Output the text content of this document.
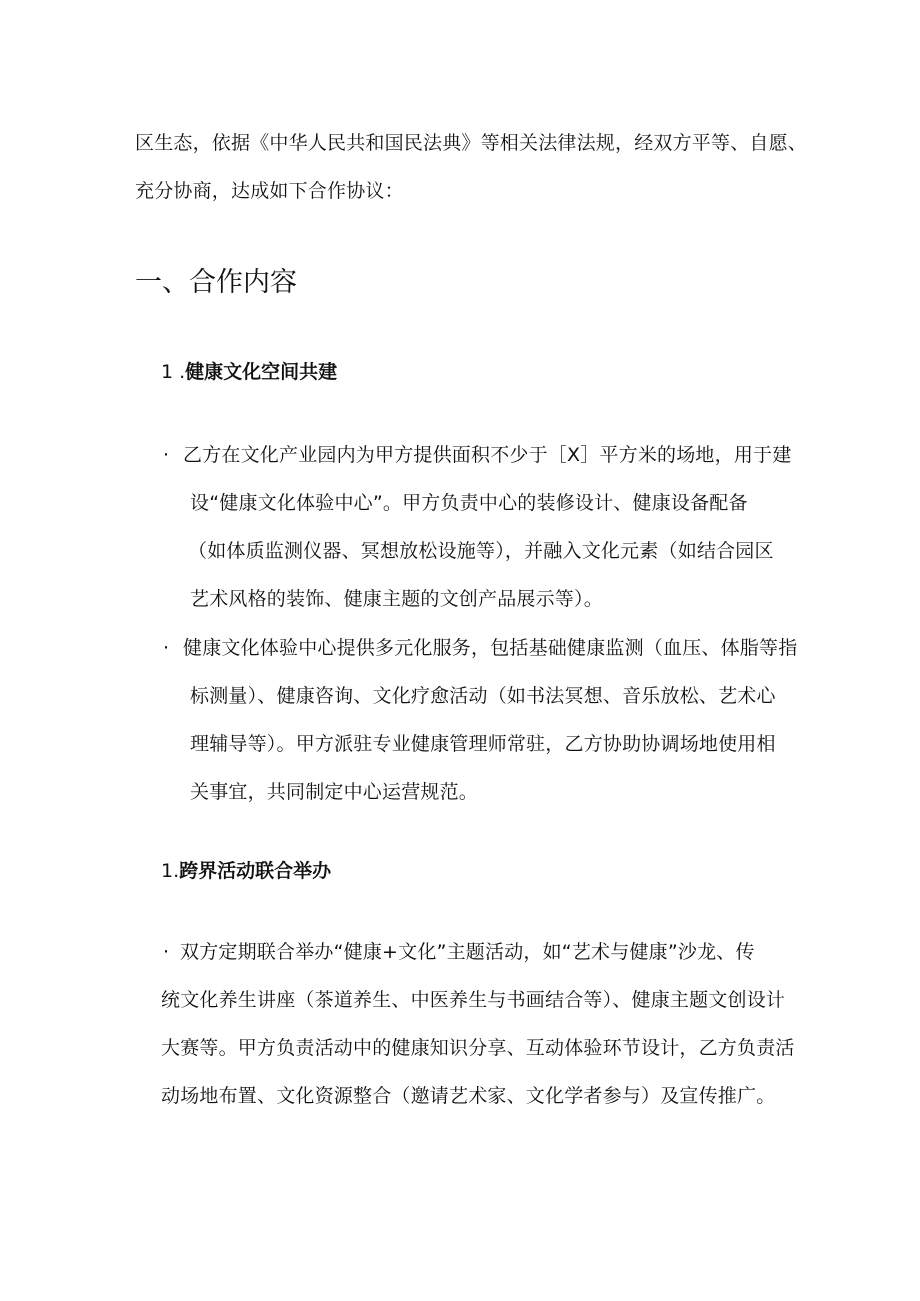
区生态，依据《中华人民共和国民法典》等相关法律法规，经双方平等、自愿、
充分协商，达成如下合作协议：
一、合作内容
1 .健康文化空间共建
· 乙方在文化产业园内为甲方提供面积不少于［X］平方米的场地，用于建
设“健康文化体验中心”。甲方负责中心的装修设计、健康设备配备
（如体质监测仪器、冥想放松设施等），并融入文化元素（如结合园区
艺术风格的装饰、健康主题的文创产品展示等）。
· 健康文化体验中心提供多元化服务，包括基础健康监测（血压、体脂等指
标测量）、健康咨询、文化疗愈活动（如书法冥想、音乐放松、艺术心
理辅导等）。甲方派驻专业健康管理师常驻，乙方协助协调场地使用相
关事宜，共同制定中心运营规范。
1.跨界活动联合举办
· 双方定期联合举办“健康+文化”主题活动，如“艺术与健康”沙龙、传
统文化养生讲座（茶道养生、中医养生与书画结合等）、健康主题文创设计
大赛等。甲方负责活动中的健康知识分享、互动体验环节设计，乙方负责活
动场地布置、文化资源整合（邀请艺术家、文化学者参与）及宣传推广。
